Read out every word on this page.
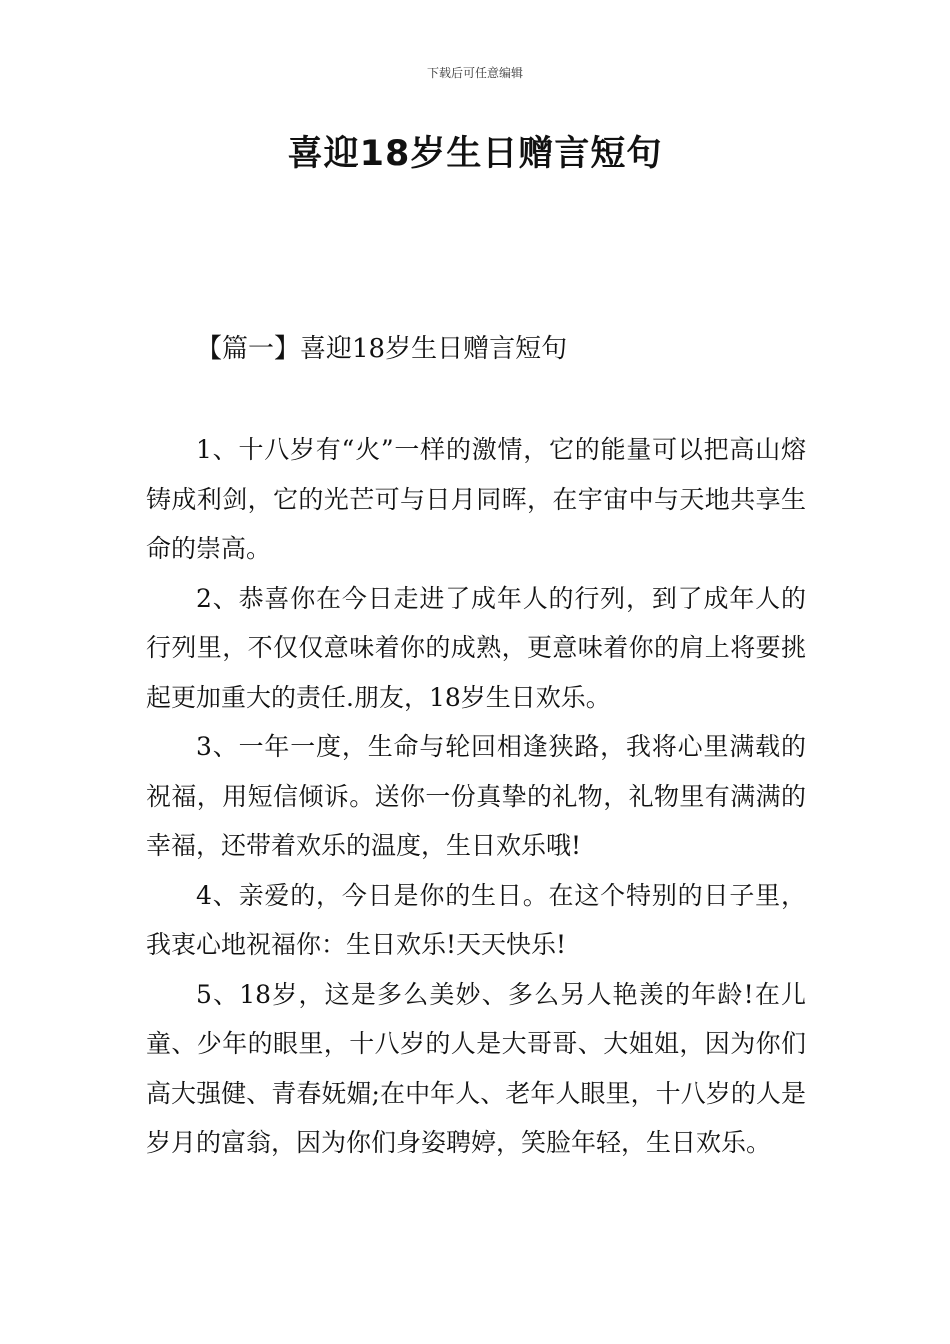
下载后可任意编辑
喜迎18岁生日赠言短句
【篇一】喜迎18岁生日赠言短句

1、十八岁有“火”一样的激情，它的能量可以把高山熔铸成利剑，它的光芒可与日月同晖，在宇宙中与天地共享生命的崇高。

2、恭喜你在今日走进了成年人的行列，到了成年人的行列里，不仅仅意味着你的成熟，更意味着你的肩上将要挑起更加重大的责任.朋友，18岁生日欢乐。

3、一年一度，生命与轮回相逢狭路，我将心里满载的祝福，用短信倾诉。送你一份真挚的礼物，礼物里有满满的幸福，还带着欢乐的温度，生日欢乐哦!

4、亲爱的，今日是你的生日。在这个特别的日子里，我衷心地祝福你：生日欢乐!天天快乐!

5、18岁，这是多么美妙、多么另人艳羡的年龄!在儿童、少年的眼里，十八岁的人是大哥哥、大姐姐，因为你们高大强健、青春妩媚;在中年人、老年人眼里，十八岁的人是岁月的富翁，因为你们身姿聘婷，笑脸年轻，生日欢乐。
